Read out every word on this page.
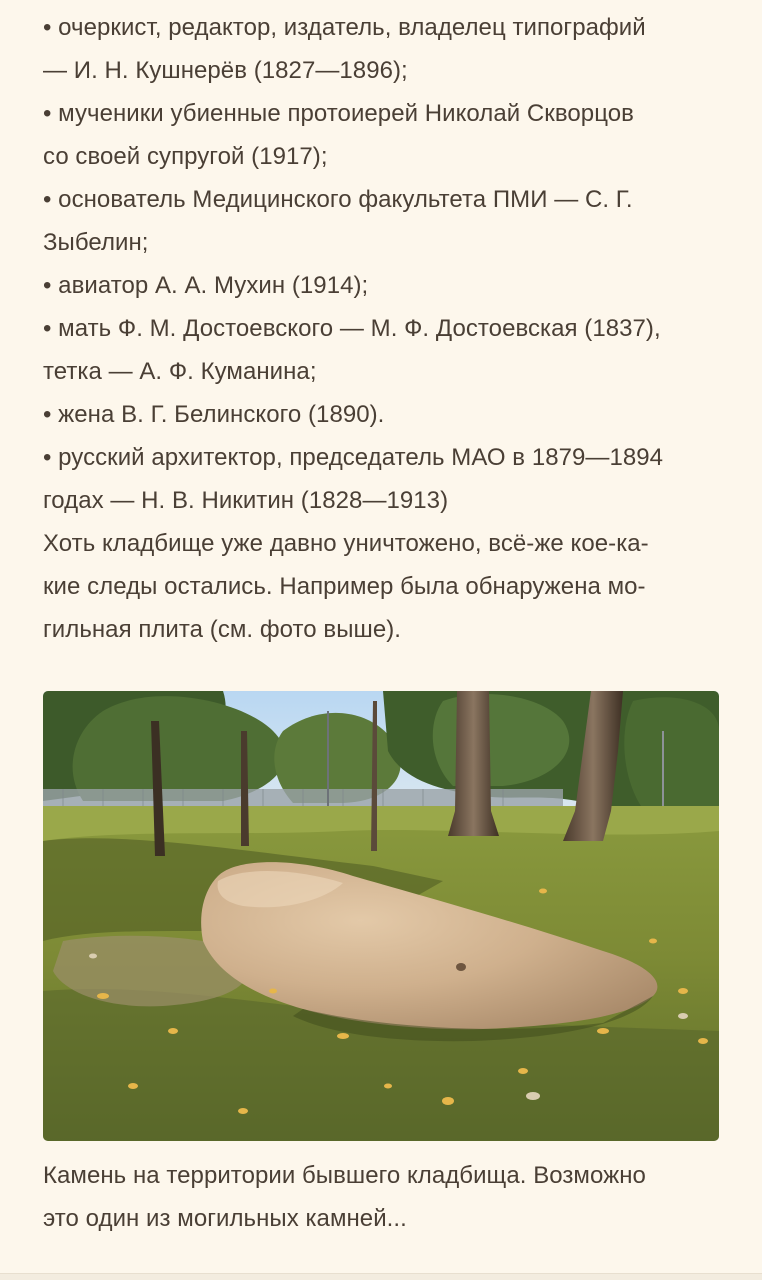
• очеркист, редактор, издатель, владелец типографий
— И. Н. Кушнерёв (1827—1896);
• мученики убиенные протоиерей Николай Скворцов
со своей супругой (1917);
• основатель Медицинского факультета ПМИ — С. Г.
Зыбелин;
• авиатор А. А. Мухин (1914);
• мать Ф. М. Достоевского — М. Ф. Достоевская (1837),
тетка — А. Ф. Куманина;
• жена В. Г. Белинского (1890).
• русский архитектор, председатель МАО в 1879—1894
годах — Н. В. Никитин (1828—1913)
Хоть кладбище уже давно уничтожено, всё-же кое-ка-
кие следы остались. Например была обнаружена мо-
гильная плита (см. фото выше).
Камень на территории бывшего кладбища. Возможно
это один из могильных камней...
